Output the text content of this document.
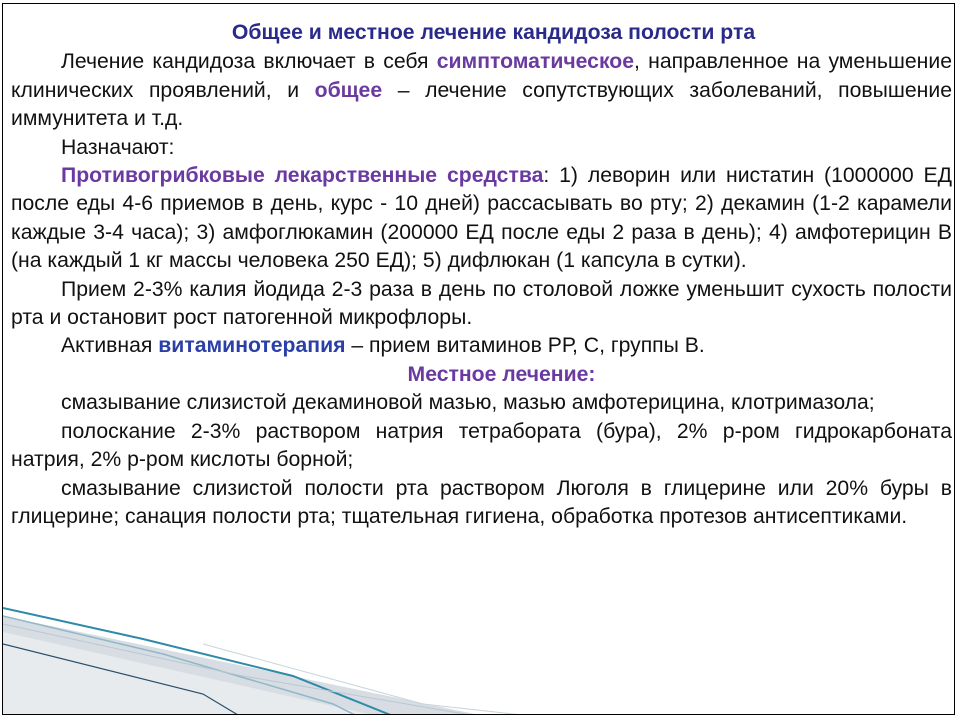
Общее и местное лечение кандидоза полости рта

Лечение кандидоза включает в себя симптоматическое, направленное на уменьшение клинических проявлений, и общее – лечение сопутствующих заболеваний, повышение иммунитета и т.д.

Назначают:

Противогрибковые лекарственные средства: 1) леворин или нистатин (1000000 ЕД после еды 4-6 приемов в день, курс - 10 дней) рассасывать во рту; 2) декамин (1-2 карамели каждые 3-4 часа); 3) амфоглюкамин (200000 ЕД после еды 2 раза в день); 4) амфотерицин В (на каждый 1 кг массы человека 250 ЕД); 5) дифлюкан (1 капсула в сутки).

Прием 2-3% калия йодида 2-3 раза в день по столовой ложке уменьшит сухость полости рта и остановит рост патогенной микрофлоры.

Активная витаминотерапия – прием витаминов РР, С, группы В.

Местное лечение:

смазывание слизистой декаминовой мазью, мазью амфотерицина, клотримазола;

полоскание 2-3% раствором натрия тетрабората (бура), 2% р-ром гидрокарбоната натрия, 2% р-ром кислоты борной;

смазывание слизистой полости рта раствором Люголя в глицерине или 20% буры в глицерине; санация полости рта; тщательная гигиена, обработка протезов антисептиками.
